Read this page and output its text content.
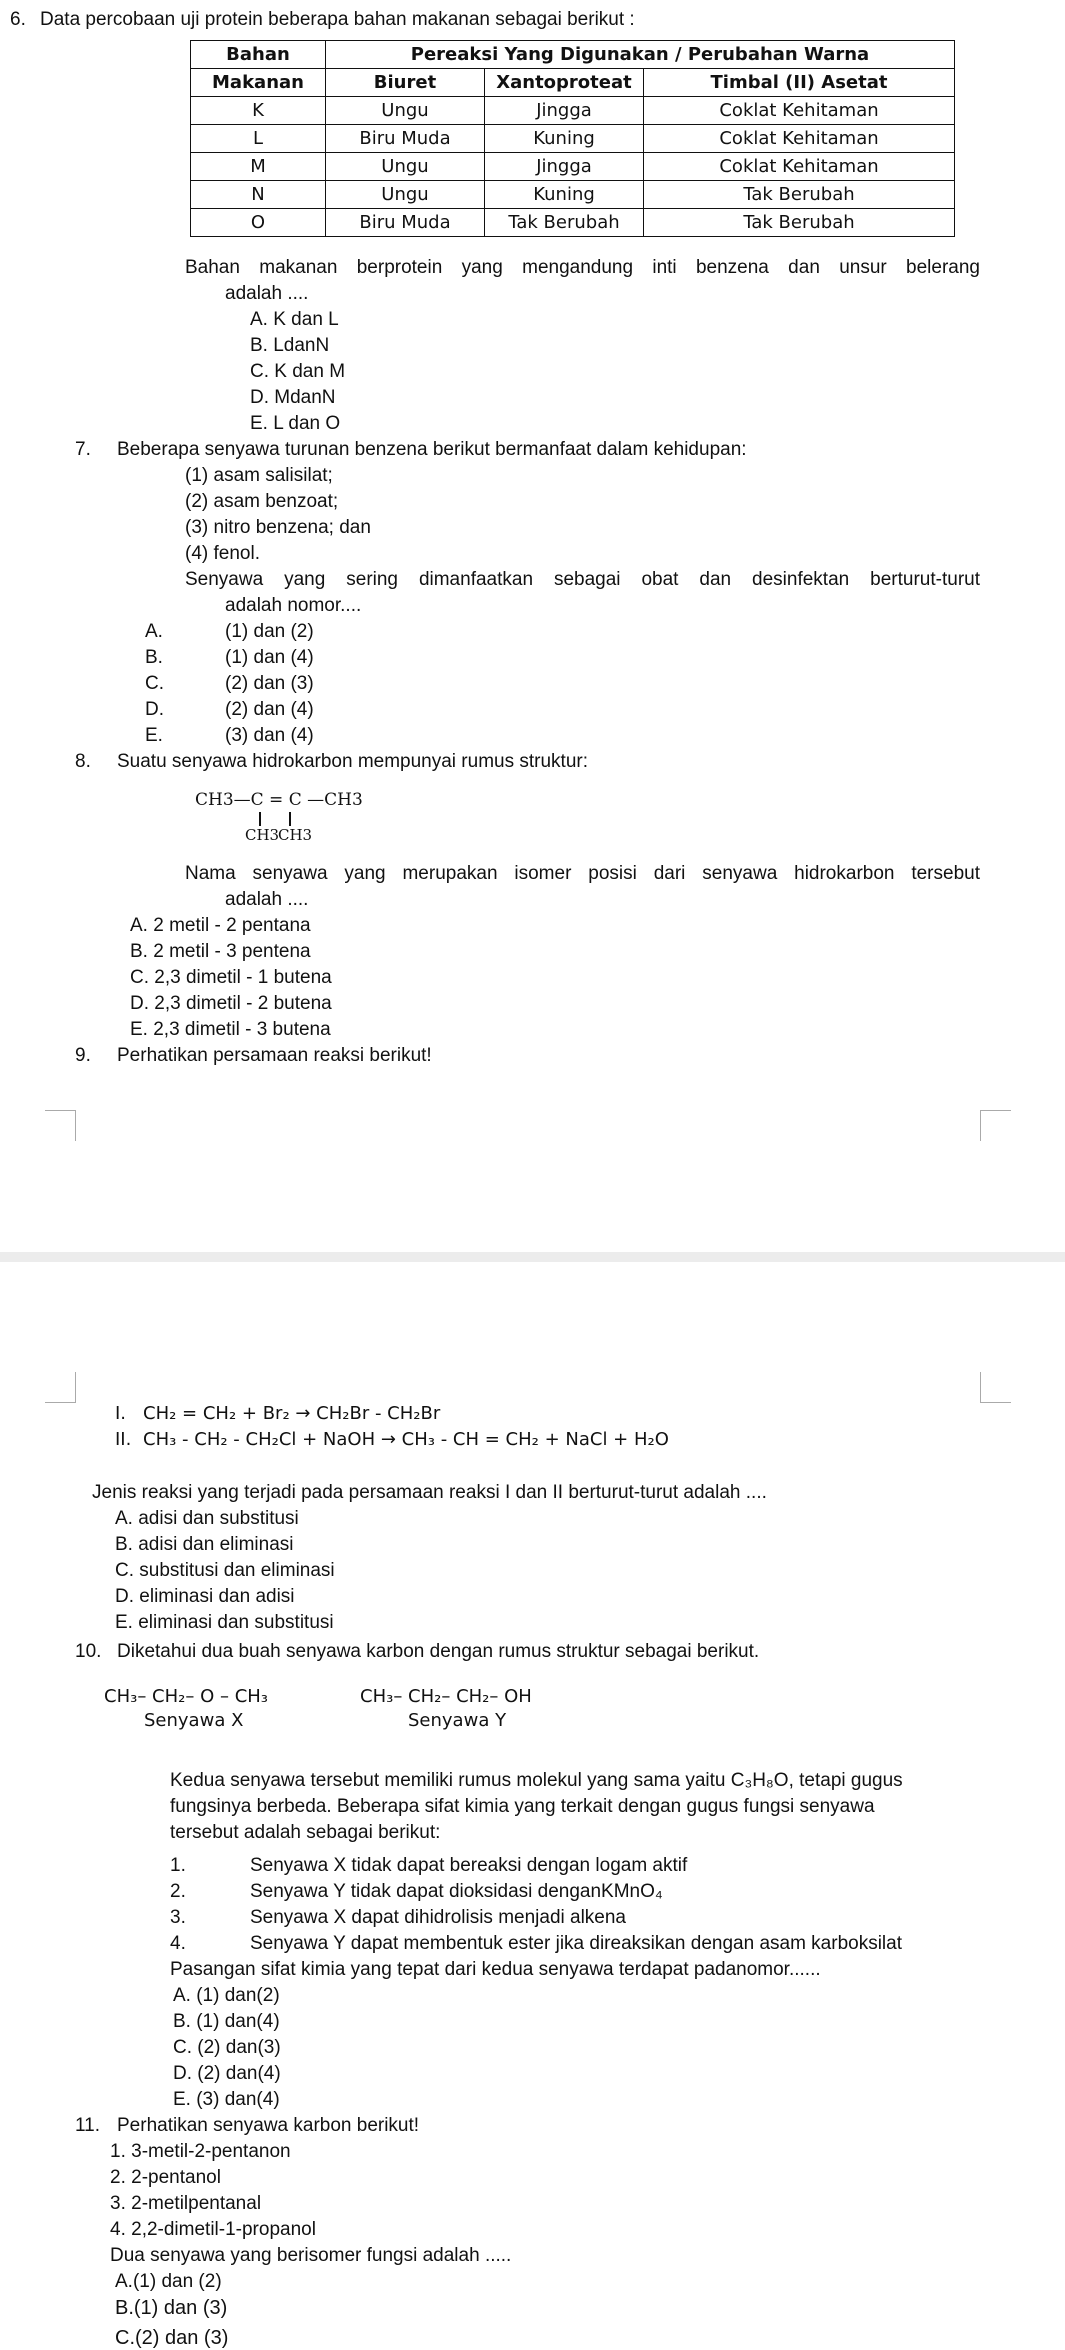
6. Data percobaan uji protein beberapa bahan makanan sebagai berikut :
Bahan	Pereaksi Yang Digunakan / Perubahan Warna		
Makanan	Biuret	Xantoproteat	Timbal (II) Asetat
K	Ungu	Jingga	Coklat Kehitaman
L	Biru Muda	Kuning	Coklat Kehitaman
M	Ungu	Jingga	Coklat Kehitaman
N	Ungu	Kuning	Tak Berubah
O	Biru Muda	Tak Berubah	Tak Berubah
Bahan makanan berprotein yang mengandung inti benzena dan unsur belerang
adalah ....
A. K dan L
B. LdanN
C. K dan M
D. MdanN
E. L dan O
7. Beberapa senyawa turunan benzena berikut bermanfaat dalam kehidupan:
(1) asam salisilat;
(2) asam benzoat;
(3) nitro benzena; dan
(4) fenol.
Senyawa yang sering dimanfaatkan sebagai obat dan desinfektan berturut-turut
adalah nomor....
A.	(1) dan (2)
B.	(1) dan (4)
C.	(2) dan (3)
D.	(2) dan (4)
E.	(3) dan (4)
8. Suatu senyawa hidrokarbon mempunyai rumus struktur:
CH3—C = C —CH3
CH3
CH3
Nama senyawa yang merupakan isomer posisi dari senyawa hidrokarbon tersebut
adalah ....
A. 2 metil - 2 pentana
B. 2 metil - 3 pentena
C. 2,3 dimetil - 1 butena
D. 2,3 dimetil - 2 butena
E. 2,3 dimetil - 3 butena
9. Perhatikan persamaan reaksi berikut!
I. CH₂ = CH₂ + Br₂ → CH₂Br - CH₂Br
II. CH₃ - CH₂ - CH₂Cl + NaOH → CH₃ - CH = CH₂ + NaCl + H₂O
Jenis reaksi yang terjadi pada persamaan reaksi I dan II berturut-turut adalah ....
A. adisi dan substitusi
B. adisi dan eliminasi
C. substitusi dan eliminasi
D. eliminasi dan adisi
E. eliminasi dan substitusi
10. Diketahui dua buah senyawa karbon dengan rumus struktur sebagai berikut.
CH₃– CH₂– O – CH₃
Senyawa X
CH₃– CH₂– CH₂– OH
Senyawa Y
Kedua senyawa tersebut memiliki rumus molekul yang sama yaitu C₃H₈O, tetapi gugus
fungsinya berbeda. Beberapa sifat kimia yang terkait dengan gugus fungsi senyawa
tersebut adalah sebagai berikut:
1.	Senyawa X tidak dapat bereaksi dengan logam aktif
2.	Senyawa Y tidak dapat dioksidasi denganKMnO₄
3.	Senyawa X dapat dihidrolisis menjadi alkena
4.	Senyawa Y dapat membentuk ester jika direaksikan dengan asam karboksilat
Pasangan sifat kimia yang tepat dari kedua senyawa terdapat padanomor......
A. (1) dan(2)
B. (1) dan(4)
C. (2) dan(3)
D. (2) dan(4)
E. (3) dan(4)
11. Perhatikan senyawa karbon berikut!
1. 3-metil-2-pentanon
2. 2-pentanol
3. 2-metilpentanal
4. 2,2-dimetil-1-propanol
Dua senyawa yang berisomer fungsi adalah .....
A.(1) dan (2)
B.(1) dan (3)
C.(2) dan (3)
